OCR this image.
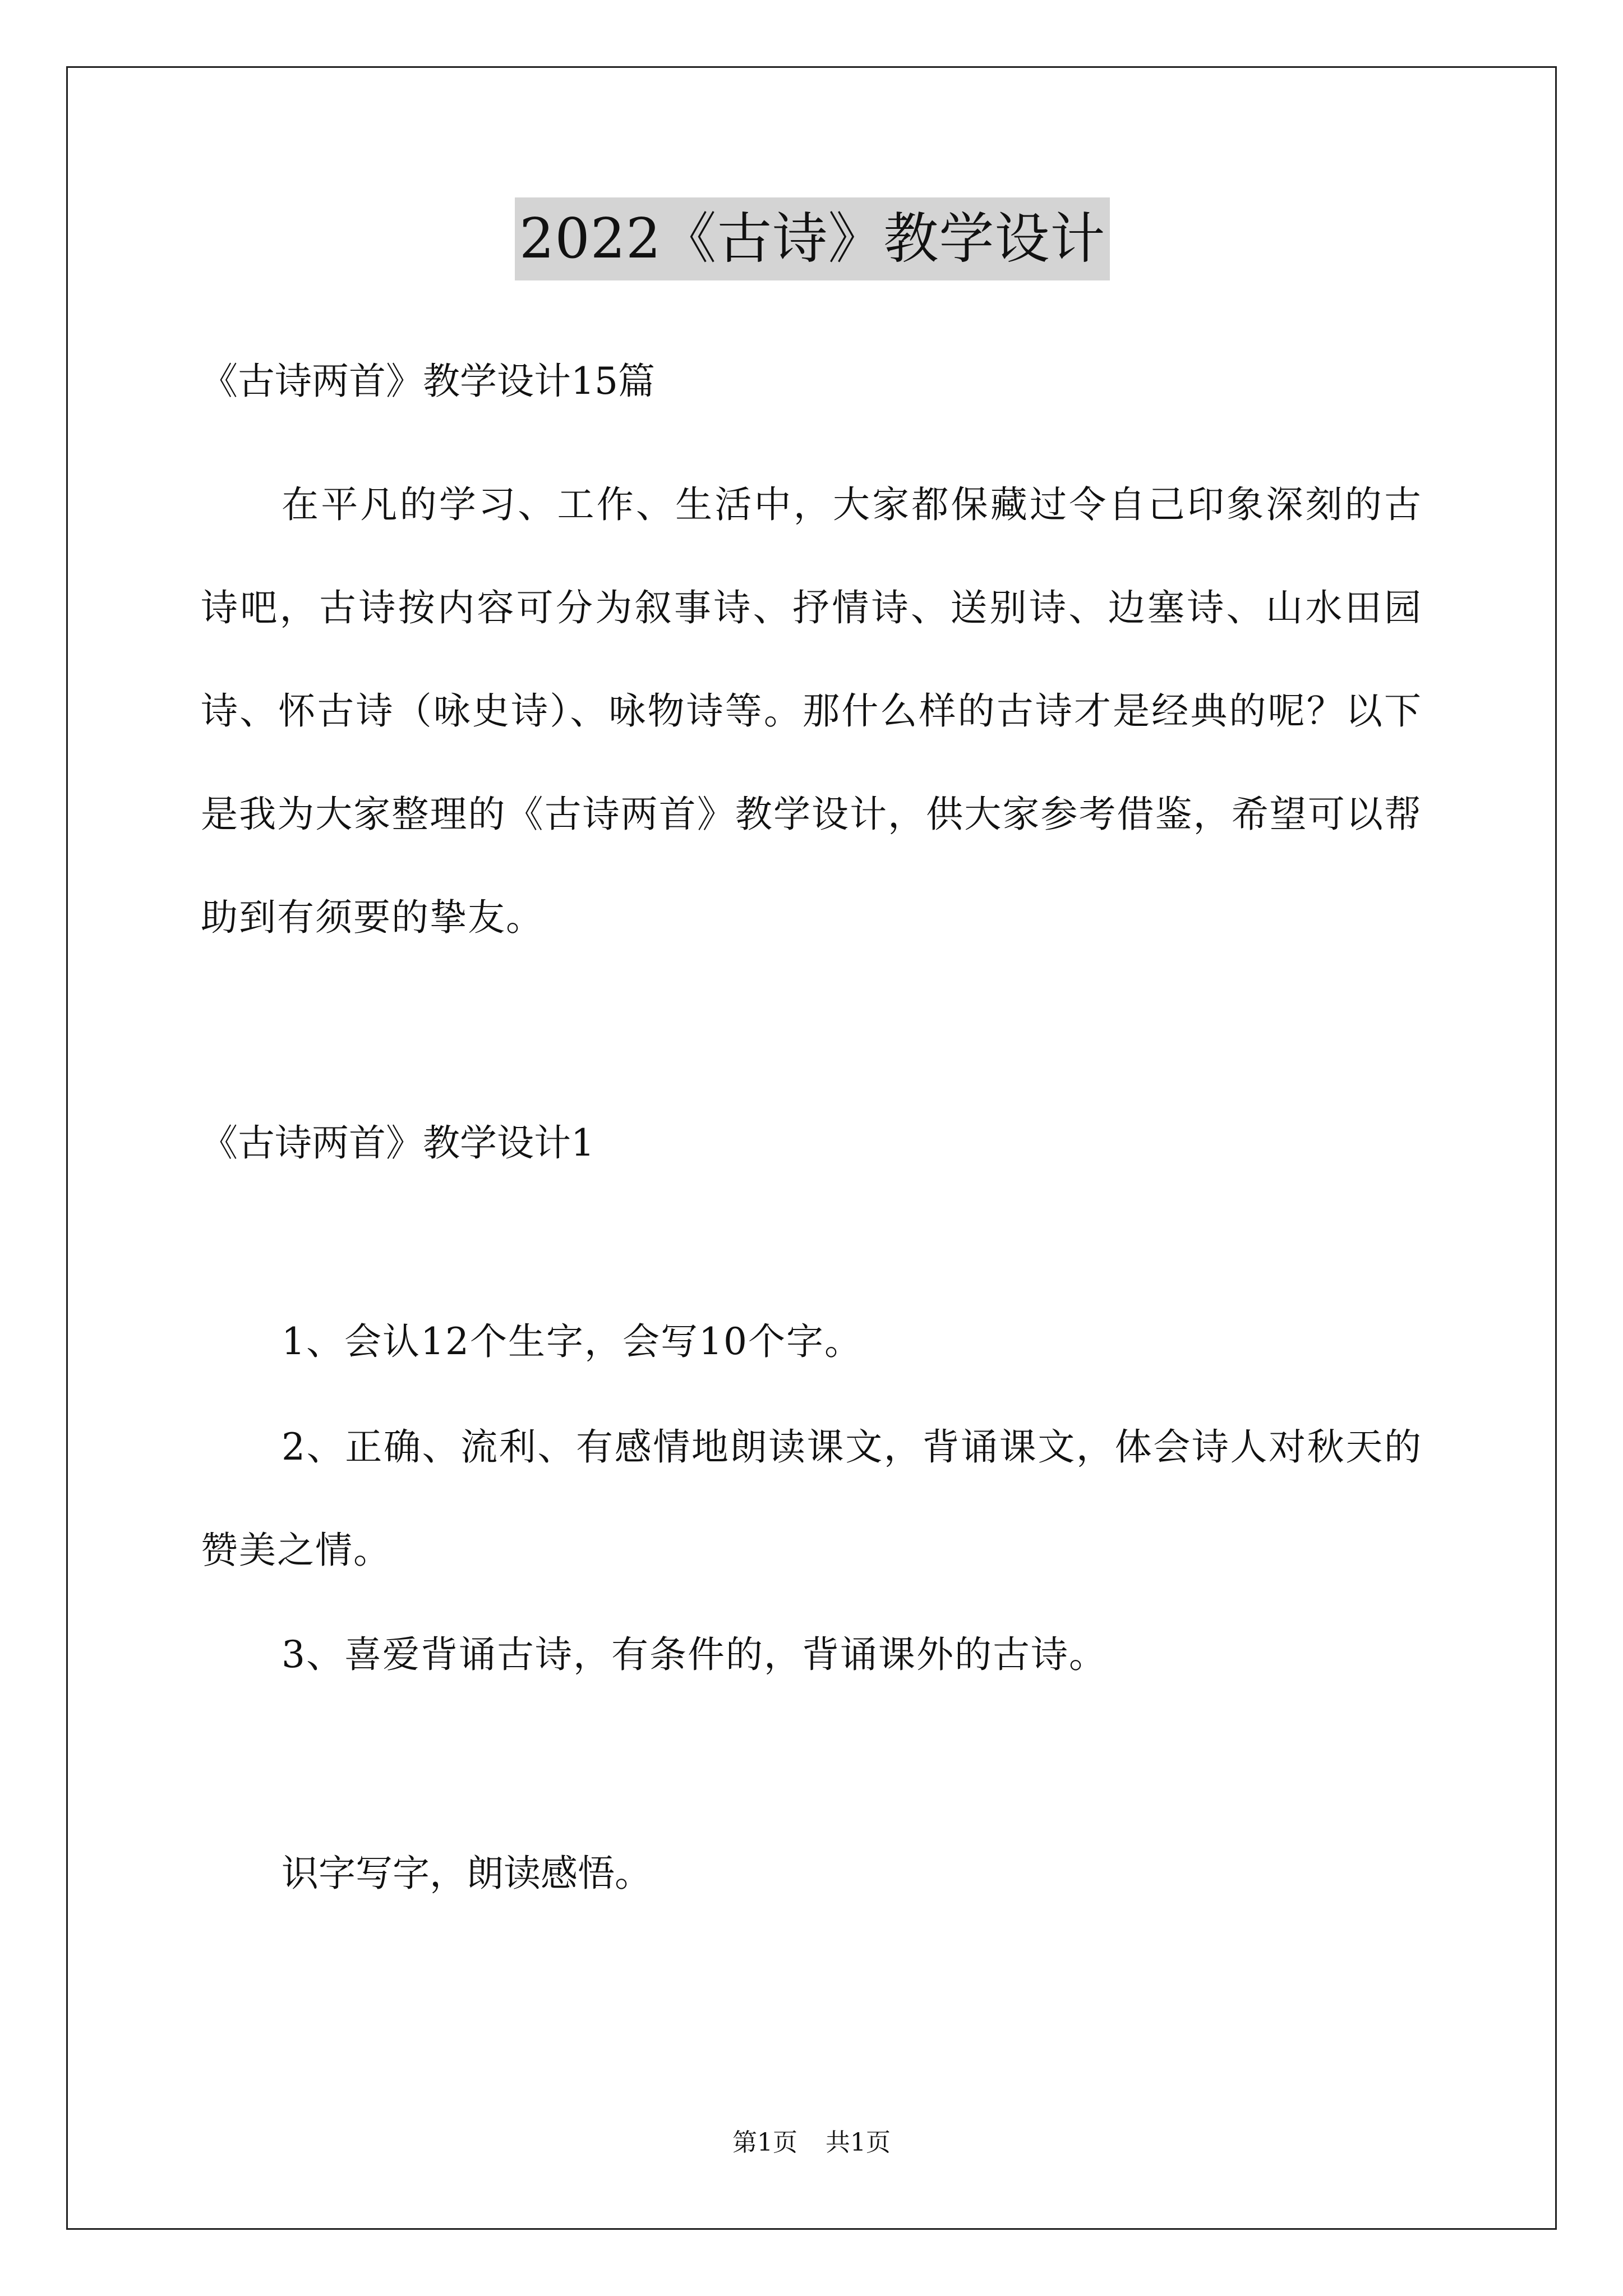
2022《古诗》教学设计
《古诗两首》教学设计15篇
在平凡的学习、工作、生活中，大家都保藏过令自己印象深刻的古诗吧，古诗按内容可分为叙事诗、抒情诗、送别诗、边塞诗、山水田园诗、怀古诗（咏史诗）、咏物诗等。那什么样的古诗才是经典的呢？以下是我为大家整理的《古诗两首》教学设计，供大家参考借鉴，希望可以帮助到有须要的挚友。
《古诗两首》教学设计1
1、会认12个生字，会写10个字。
2、正确、流利、有感情地朗读课文，背诵课文，体会诗人对秋天的赞美之情。
3、喜爱背诵古诗，有条件的，背诵课外的古诗。
识字写字，朗读感悟。
第1页 共1页
